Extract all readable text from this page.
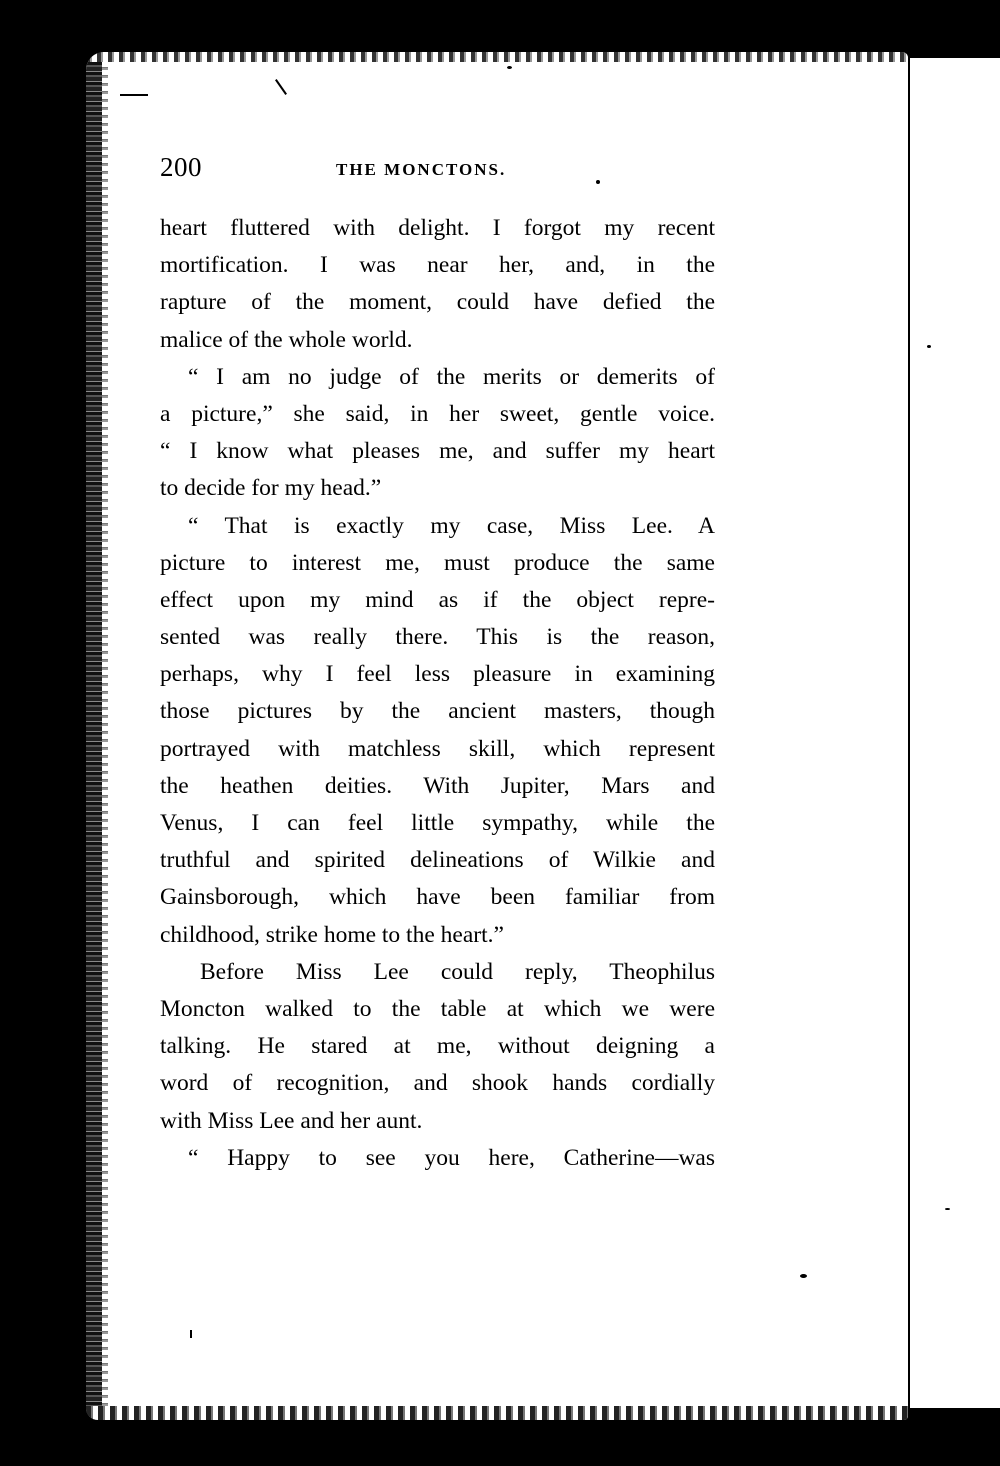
200	THE MONCTONS.
heart fluttered with delight. I forgot my recent
mortification. I was near her, and, in the
rapture of the moment, could have defied the
malice of the whole world.
“ I am no judge of the merits or demerits of
a picture,” she said, in her sweet, gentle voice.
“ I know what pleases me, and suffer my heart
to decide for my head.”
“ That is exactly my case, Miss Lee. A
picture to interest me, must produce the same
effect upon my mind as if the object repre-
sented was really there. This is the reason,
perhaps, why I feel less pleasure in examining
those pictures by the ancient masters, though
portrayed with matchless skill, which represent
the heathen deities. With Jupiter, Mars and
Venus, I can feel little sympathy, while the
truthful and spirited delineations of Wilkie and
Gainsborough, which have been familiar from
childhood, strike home to the heart.”
Before Miss Lee could reply, Theophilus
Moncton walked to the table at which we were
talking. He stared at me, without deigning a
word of recognition, and shook hands cordially
with Miss Lee and her aunt.
“ Happy to see you here, Catherine—was
